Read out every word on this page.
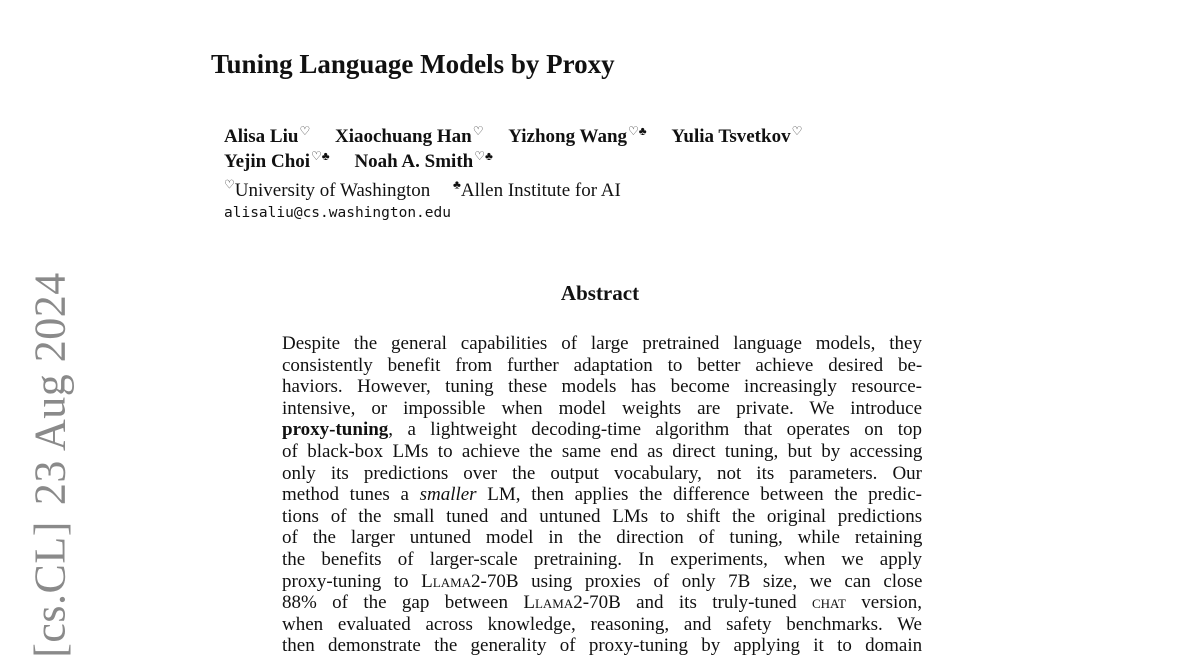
[cs.CL]23 Aug 2024
Tuning Language Models by Proxy
Alisa Liu♡ Xiaochuang Han♡ Yizhong Wang♡♣ Yulia Tsvetkov♡
Yejin Choi♡♣ Noah A. Smith♡♣
♡University of Washington ♣Allen Institute for AI
alisaliu@cs.washington.edu
Abstract
Despite the general capabilities of large pretrained language models, they
consistently benefit from further adaptation to better achieve desired be-
haviors. However, tuning these models has become increasingly resource-
intensive, or impossible when model weights are private. We introduce
proxy-tuning, a lightweight decoding-time algorithm that operates on top
of black-box LMs to achieve the same end as direct tuning, but by accessing
only its predictions over the output vocabulary, not its parameters. Our
method tunes a smaller LM, then applies the difference between the predic-
tions of the small tuned and untuned LMs to shift the original predictions
of the larger untuned model in the direction of tuning, while retaining
the benefits of larger-scale pretraining. In experiments, when we apply
proxy-tuning to Llama2-70B using proxies of only 7B size, we can close
88% of the gap between Llama2-70B and its truly-tuned chat version,
when evaluated across knowledge, reasoning, and safety benchmarks. We
then demonstrate the generality of proxy-tuning by applying it to domain
